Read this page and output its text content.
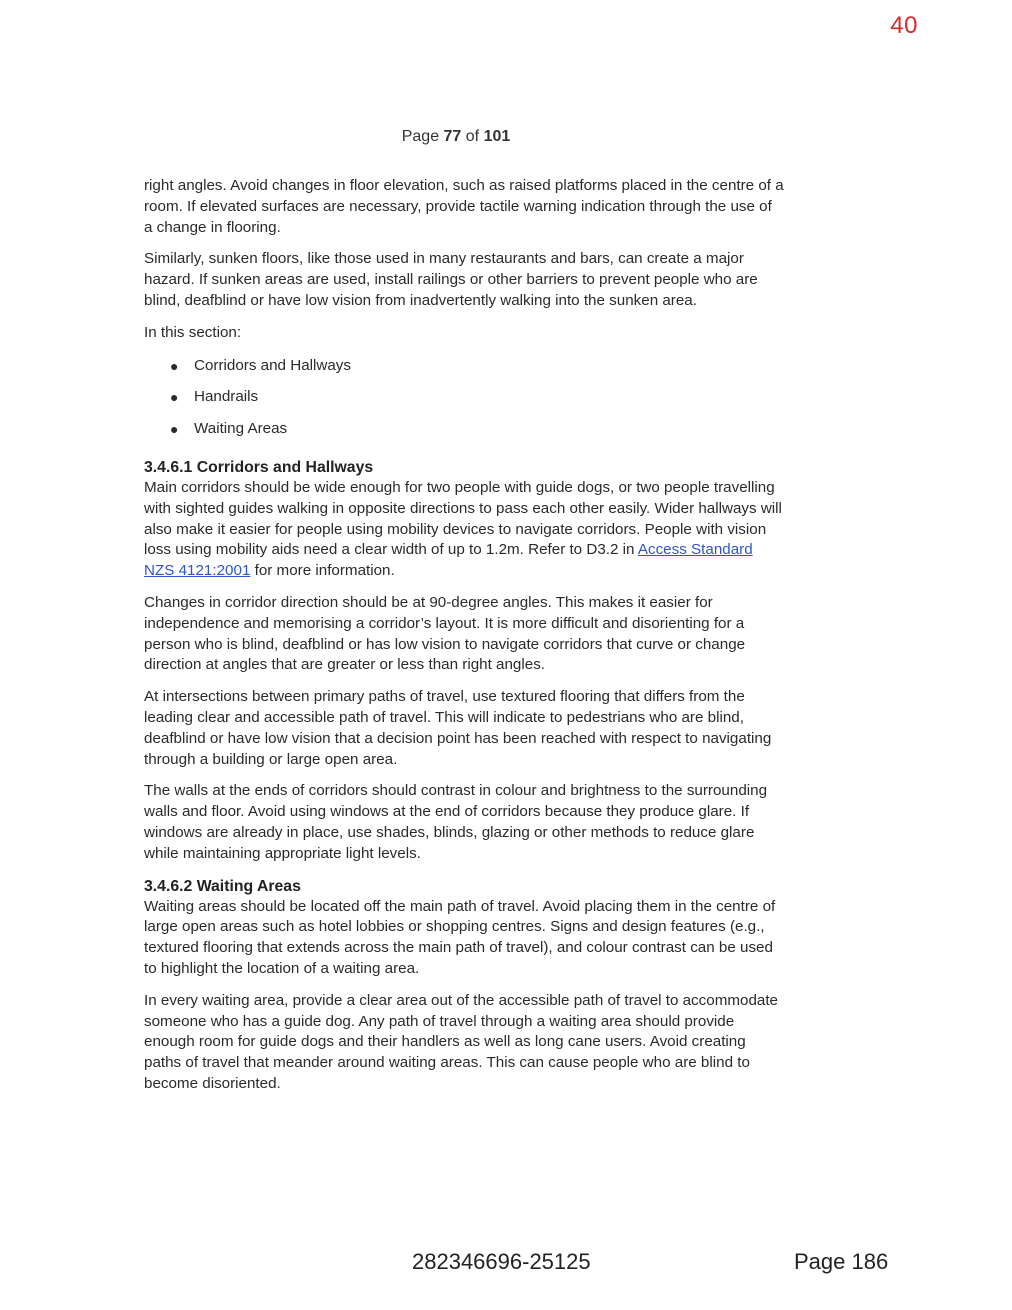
40
Page 77 of 101

right angles. Avoid changes in floor elevation, such as raised platforms placed in the centre of a room. If elevated surfaces are necessary, provide tactile warning indication through the use of a change in flooring.

Similarly, sunken floors, like those used in many restaurants and bars, can create a major hazard. If sunken areas are used, install railings or other barriers to prevent people who are blind, deafblind or have low vision from inadvertently walking into the sunken area.

In this section:

● Corridors and Hallways
● Handrails
● Waiting Areas
3.4.6.1 Corridors and Hallways

Main corridors should be wide enough for two people with guide dogs, or two people travelling with sighted guides walking in opposite directions to pass each other easily. Wider hallways will also make it easier for people using mobility devices to navigate corridors. People with vision loss using mobility aids need a clear width of up to 1.2m. Refer to D3.2 in Access Standard NZS 4121:2001 for more information.

Changes in corridor direction should be at 90-degree angles. This makes it easier for independence and memorising a corridor’s layout. It is more difficult and disorienting for a person who is blind, deafblind or has low vision to navigate corridors that curve or change direction at angles that are greater or less than right angles.

At intersections between primary paths of travel, use textured flooring that differs from the leading clear and accessible path of travel. This will indicate to pedestrians who are blind, deafblind or have low vision that a decision point has been reached with respect to navigating through a building or large open area.

The walls at the ends of corridors should contrast in colour and brightness to the surrounding walls and floor. Avoid using windows at the end of corridors because they produce glare. If windows are already in place, use shades, blinds, glazing or other methods to reduce glare while maintaining appropriate light levels.

3.4.6.2 Waiting Areas

Waiting areas should be located off the main path of travel. Avoid placing them in the centre of large open areas such as hotel lobbies or shopping centres. Signs and design features (e.g., textured flooring that extends across the main path of travel), and colour contrast can be used to highlight the location of a waiting area.

In every waiting area, provide a clear area out of the accessible path of travel to accommodate someone who has a guide dog. Any path of travel through a waiting area should provide enough room for guide dogs and their handlers as well as long cane users. Avoid creating paths of travel that meander around waiting areas. This can cause people who are blind to become disoriented.

282346696-25125	Page 186
